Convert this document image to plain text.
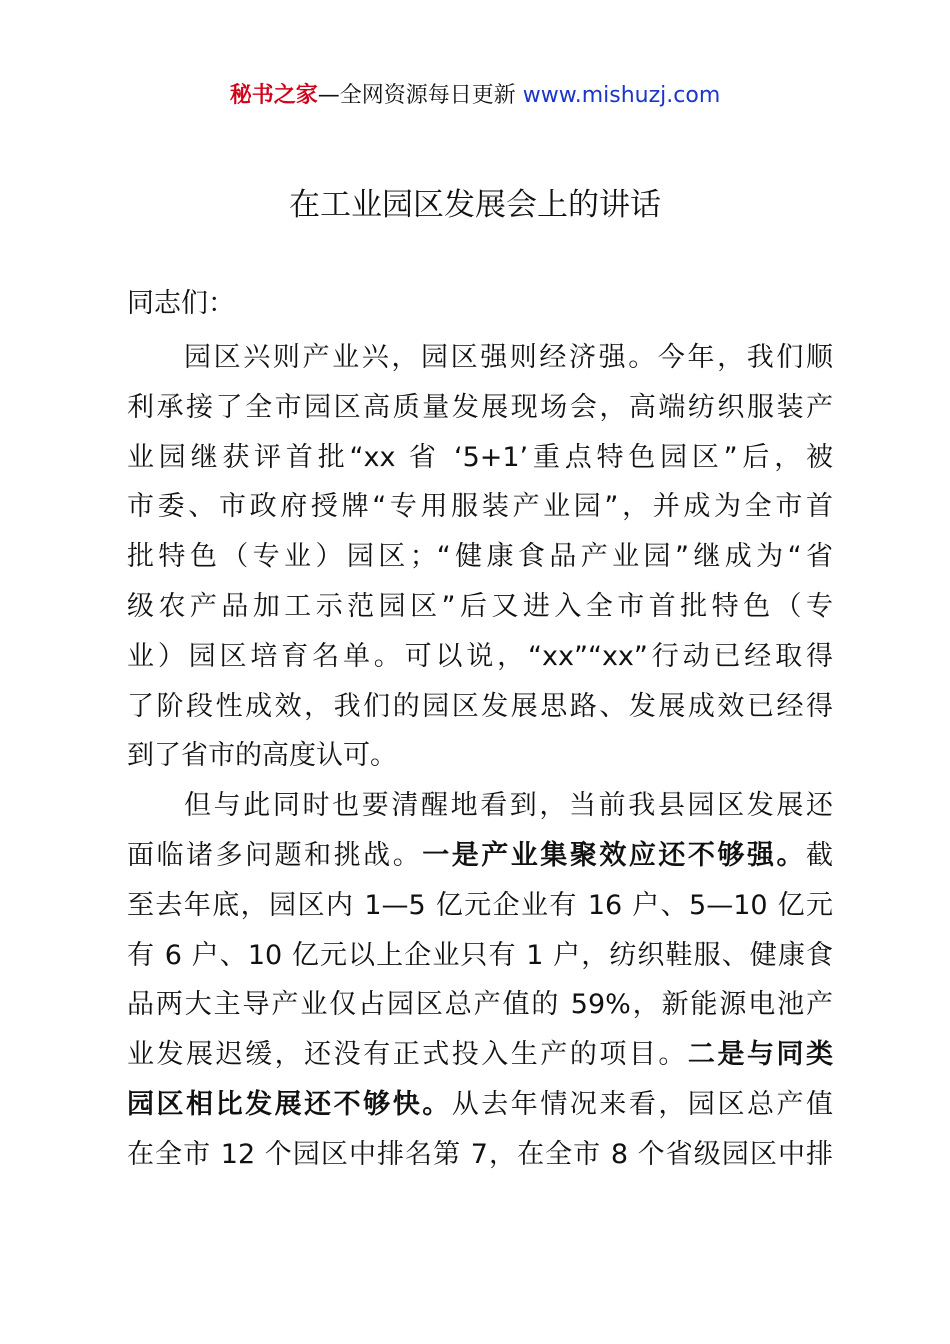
秘书之家—全网资源每日更新 www.mishuzj.com
在工业园区发展会上的讲话
同志们：
园区兴则产业兴，园区强则经济强。今年，我们顺
利承接了全市园区高质量发展现场会，高端纺织服装产
业园继获评首批“xx 省 ‘5+1’重点特色园区”后，被
市委、市政府授牌“专用服装产业园”，并成为全市首
批特色（专业）园区；“健康食品产业园”继成为“省
级农产品加工示范园区”后又进入全市首批特色（专
业）园区培育名单。可以说，“xx”“xx”行动已经取得
了阶段性成效，我们的园区发展思路、发展成效已经得
到了省市的高度认可。
但与此同时也要清醒地看到，当前我县园区发展还
面临诸多问题和挑战。一是产业集聚效应还不够强。截
至去年底，园区内 1—5 亿元企业有 16 户、5—10 亿元
有 6 户、10 亿元以上企业只有 1 户，纺织鞋服、健康食
品两大主导产业仅占园区总产值的 59%，新能源电池产
业发展迟缓，还没有正式投入生产的项目。二是与同类
园区相比发展还不够快。从去年情况来看，园区总产值
在全市 12 个园区中排名第 7，在全市 8 个省级园区中排
